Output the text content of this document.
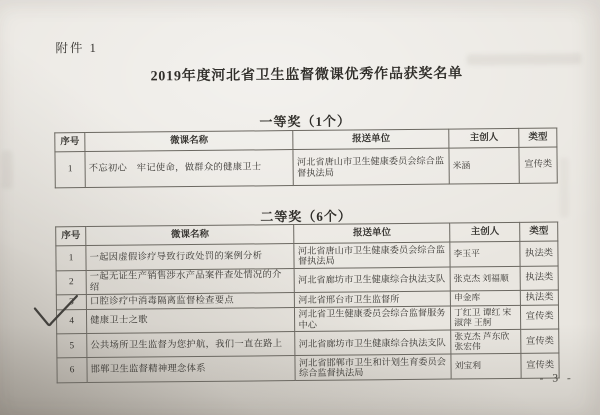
附件 1
2019年度河北省卫生监督微课优秀作品获奖名单
一等奖（1个）
序号	微课名称	报送单位	主创人	类型
1	不忘初心　牢记使命，做群众的健康卫士	河北省唐山市卫生健康委员会综合监督执法局	米涵	宣传类
二等奖（6个）
序号	微课名称	报送单位	主创人	类型
1	一起因虚假诊疗导致行政处罚的案例分析	河北省唐山市卫生健康委员会综合监督执法局	李玉平	执法类
2	一起无证生产销售涉水产品案件查处情况的介绍	河北省廊坊市卫生健康综合执法支队	张克杰 刘福顺	执法类
3	口腔诊疗中消毒隔离监督检查要点	河北省邢台市卫生监督所	申金库	执法类
4	健康卫士之歌	河北省卫生健康委员会综合监督服务中心	丁红卫 谭红 宋淑萍 王舸	宣传类
5	公共场所卫生监督为您护航，我们一直在路上	河北省廊坊市卫生健康综合执法支队	张克杰 芦东欣 张宏伟	宣传类
6	邯郸卫生监督精神理念体系	河北省邯郸市卫生和计划生育委员会综合监督执法局	刘宝利	宣传类
- 3 -
